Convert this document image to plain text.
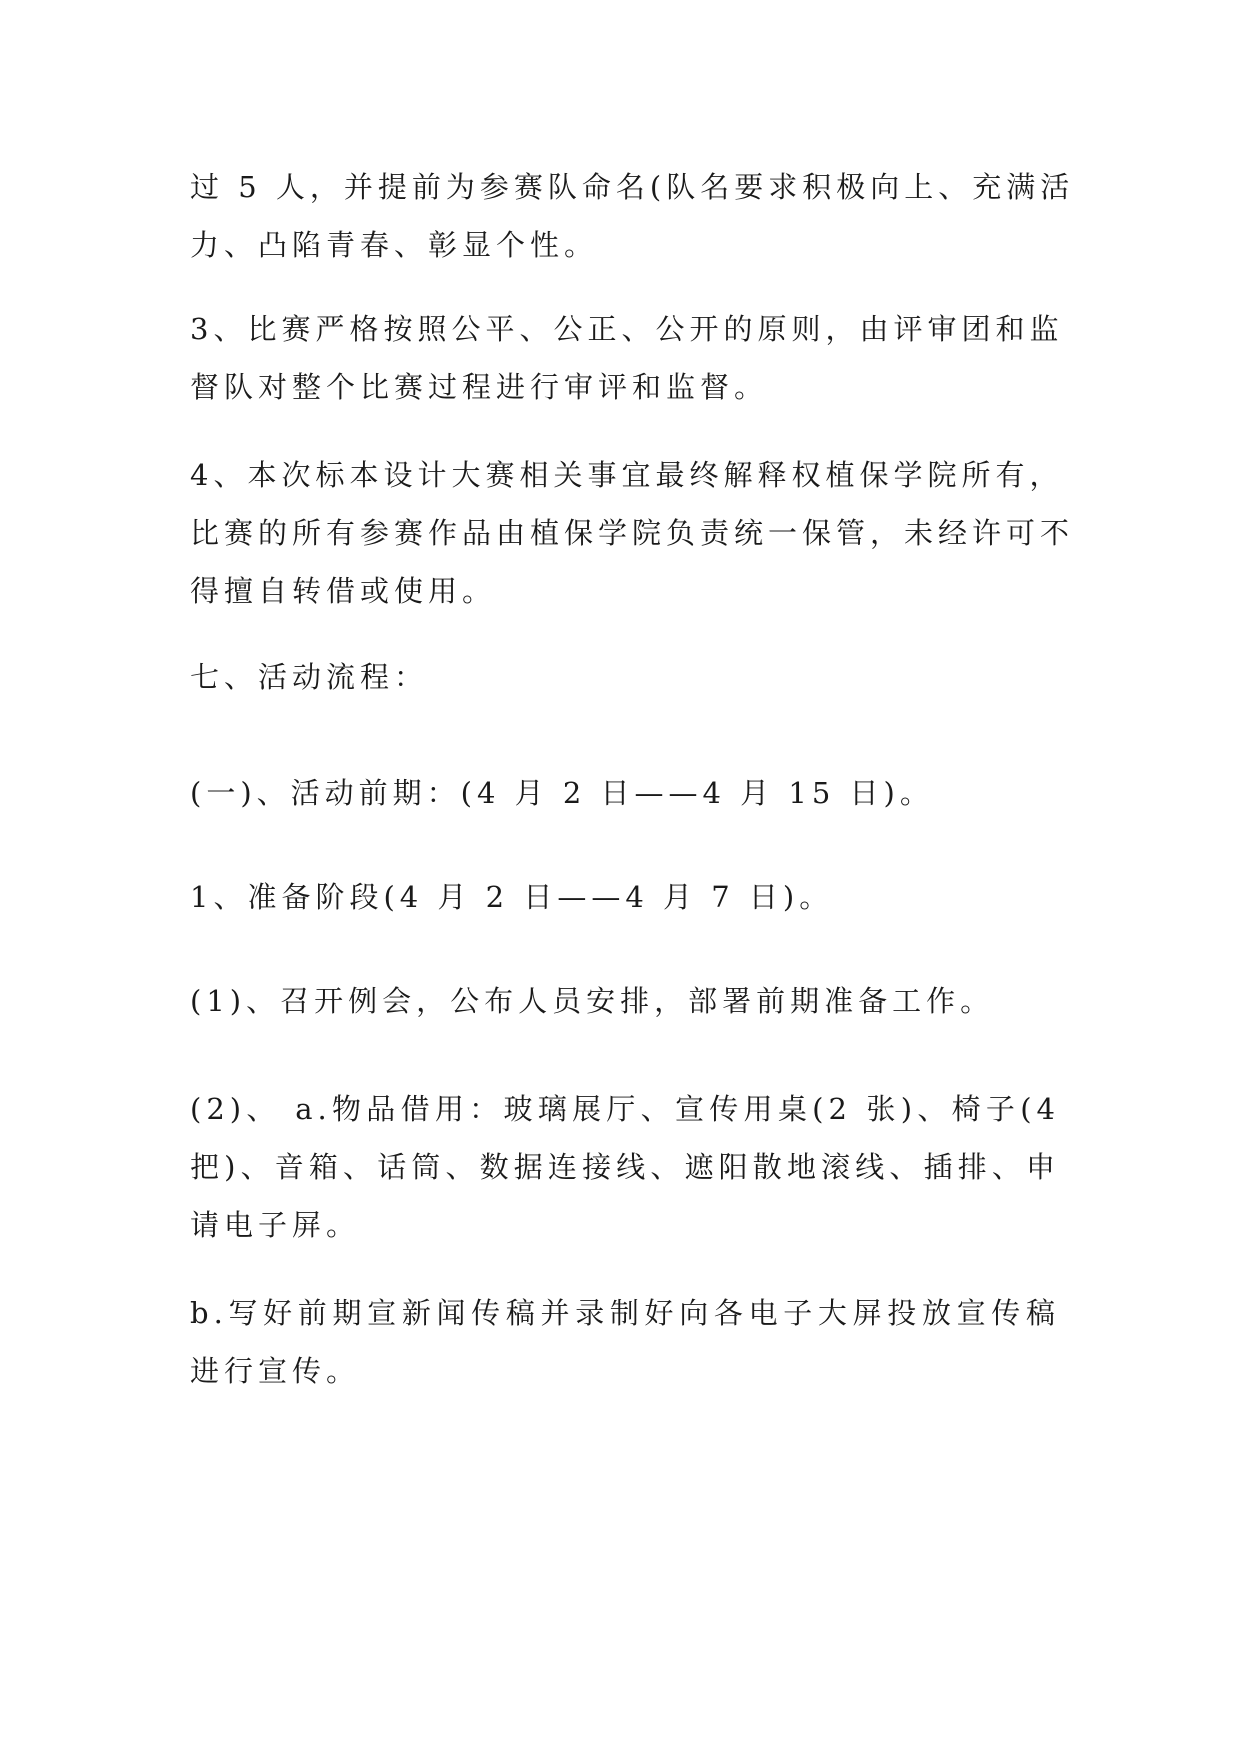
过 5 人，并提前为参赛队命名(队名要求积极向上、充满活
力、凸陷青春、彰显个性。

3、比赛严格按照公平、公正、公开的原则，由评审团和监
督队对整个比赛过程进行审评和监督。

4、本次标本设计大赛相关事宜最终解释权植保学院所有，
比赛的所有参赛作品由植保学院负责统一保管，未经许可不
得擅自转借或使用。

七、活动流程：

(一)、活动前期：(4 月 2 日——4 月 15 日)。

1、准备阶段(4 月 2 日——4 月 7 日)。

(1)、召开例会，公布人员安排，部署前期准备工作。

(2)、 a.物品借用：玻璃展厅、宣传用桌(2 张)、椅子(4
把)、音箱、话筒、数据连接线、遮阳散地滚线、插排、申
请电子屏。

b.写好前期宣新闻传稿并录制好向各电子大屏投放宣传稿
进行宣传。
